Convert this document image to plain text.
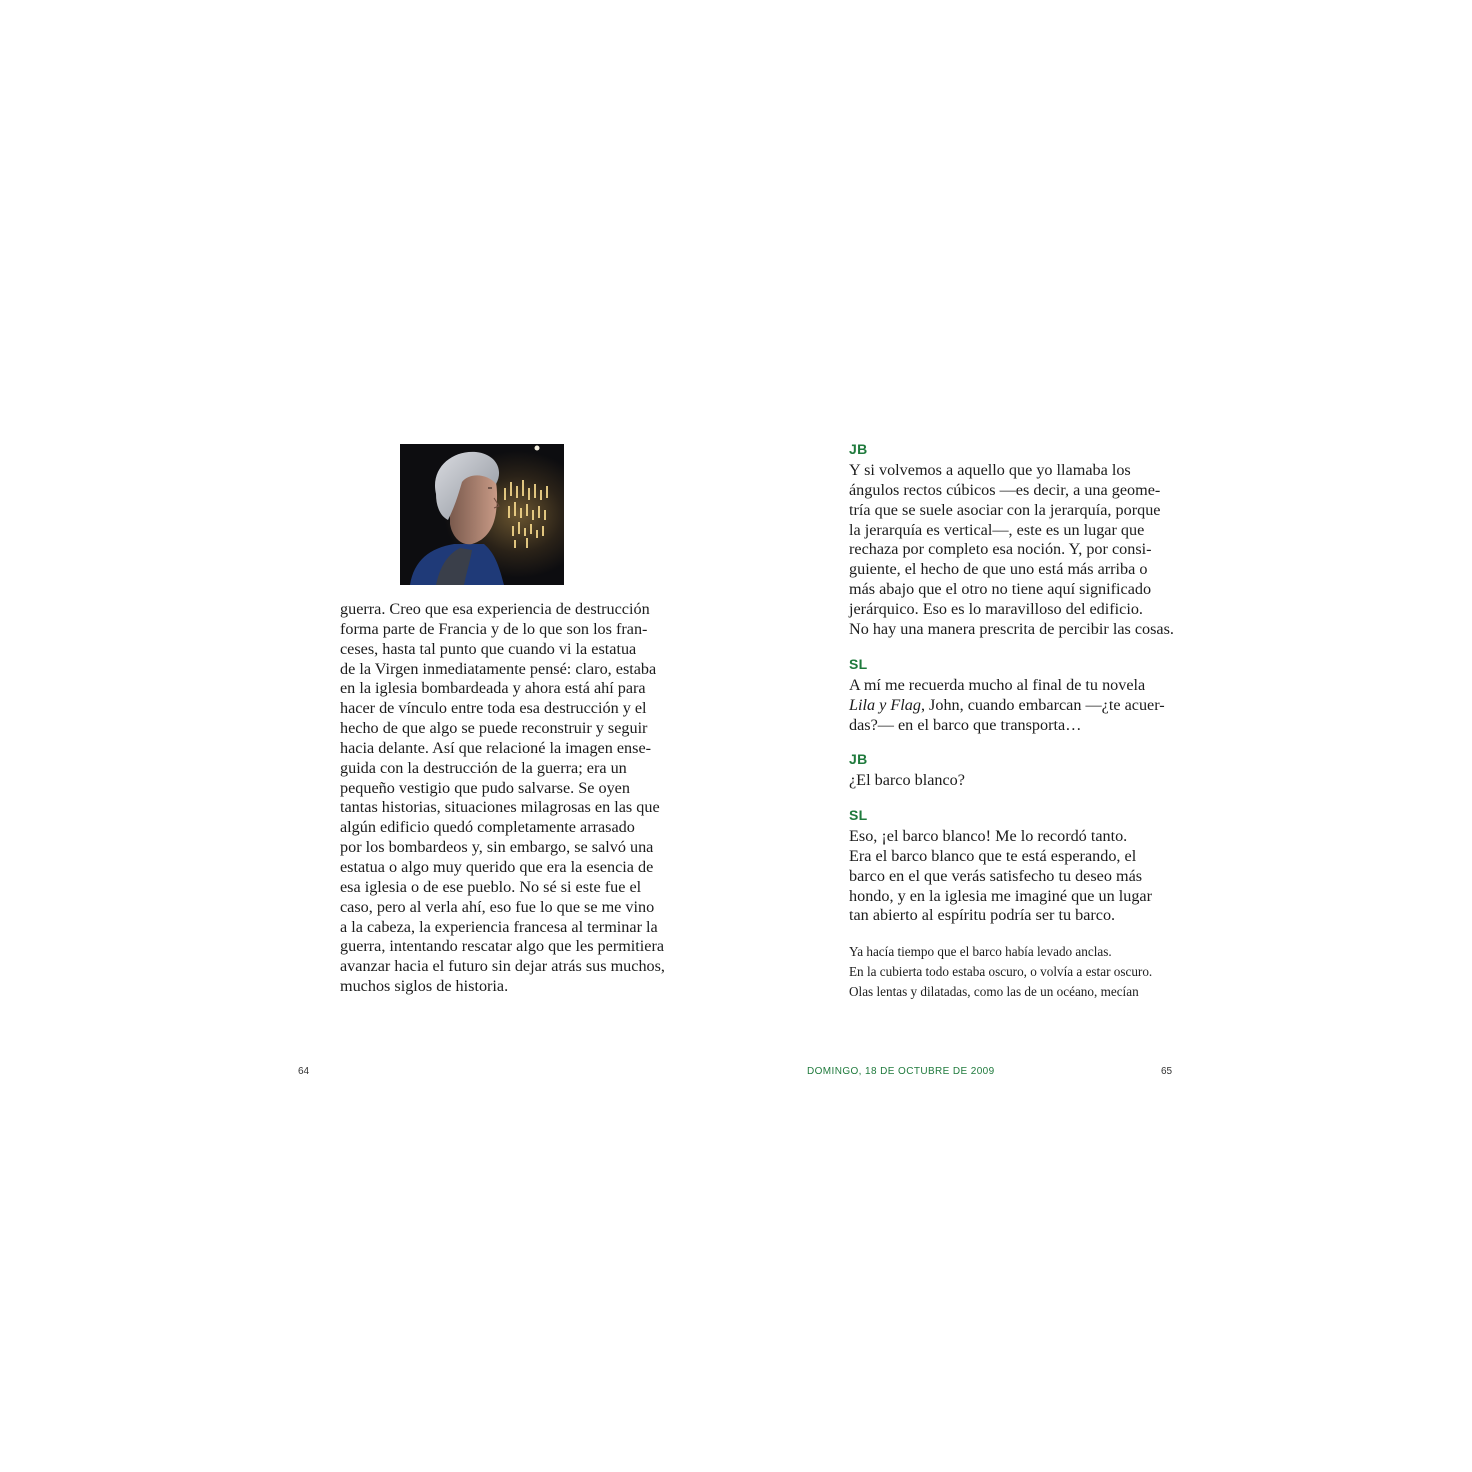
guerra. Creo que esa experiencia de destrucción
forma parte de Francia y de lo que son los fran-
ceses, hasta tal punto que cuando vi la estatua
de la Virgen inmediatamente pensé: claro, estaba
en la iglesia bombardeada y ahora está ahí para
hacer de vínculo entre toda esa destrucción y el
hecho de que algo se puede reconstruir y seguir
hacia delante. Así que relacioné la imagen ense-
guida con la destrucción de la guerra; era un
pequeño vestigio que pudo salvarse. Se oyen
tantas historias, situaciones milagrosas en las que
algún edificio quedó completamente arrasado
por los bombardeos y, sin embargo, se salvó una
estatua o algo muy querido que era la esencia de
esa iglesia o de ese pueblo. No sé si este fue el
caso, pero al verla ahí, eso fue lo que se me vino
a la cabeza, la experiencia francesa al terminar la
guerra, intentando rescatar algo que les permitiera
avanzar hacia el futuro sin dejar atrás sus muchos,
muchos siglos de historia.
64
JB
Y si volvemos a aquello que yo llamaba los
ángulos rectos cúbicos —es decir, a una geome-
tría que se suele asociar con la jerarquía, porque
la jerarquía es vertical—, este es un lugar que
rechaza por completo esa noción. Y, por consi-
guiente, el hecho de que uno está más arriba o
más abajo que el otro no tiene aquí significado
jerárquico. Eso es lo maravilloso del edificio.
No hay una manera prescrita de percibir las cosas.
SL
A mí me recuerda mucho al final de tu novela
Lila y Flag, John, cuando embarcan —¿te acuer-
das?— en el barco que transporta…
JB
¿El barco blanco?
SL
Eso, ¡el barco blanco! Me lo recordó tanto.
Era el barco blanco que te está esperando, el
barco en el que verás satisfecho tu deseo más
hondo, y en la iglesia me imaginé que un lugar
tan abierto al espíritu podría ser tu barco.
Ya hacía tiempo que el barco había levado anclas.
En la cubierta todo estaba oscuro, o volvía a estar oscuro.
Olas lentas y dilatadas, como las de un océano, mecían
DOMINGO, 18 DE OCTUBRE DE 2009	65
